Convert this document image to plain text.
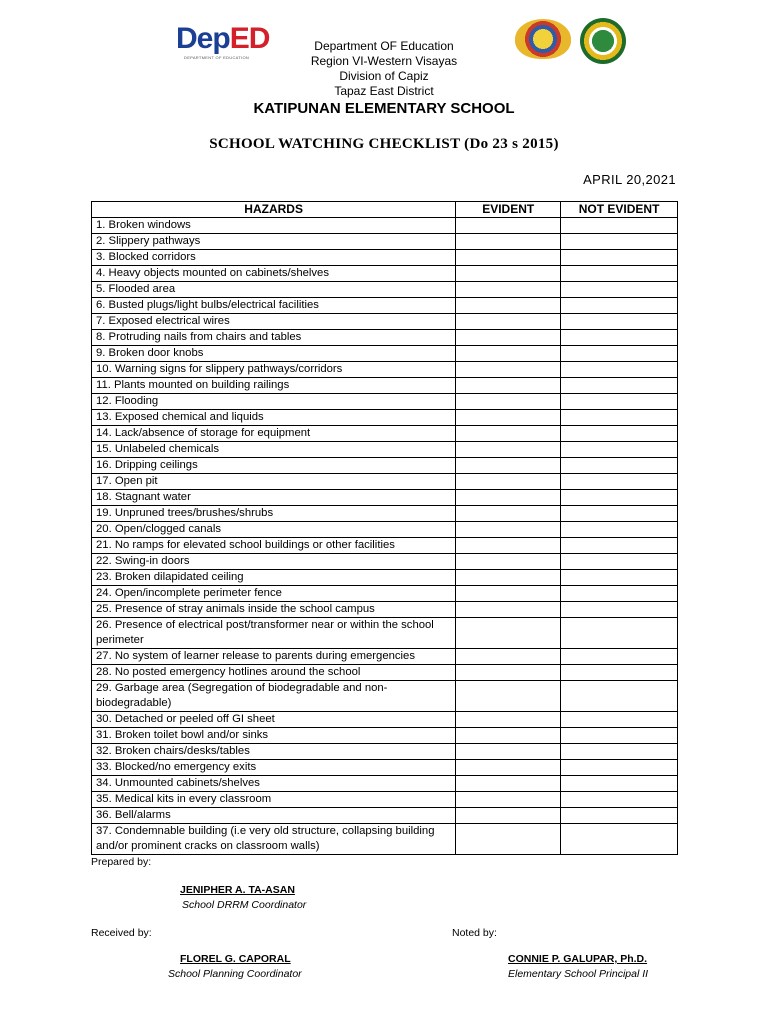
DepED
DEPARTMENT OF EDUCATION
Department OF Education
Region VI-Western Visayas
Division of Capiz
Tapaz East District
KATIPUNAN ELEMENTARY SCHOOL
SCHOOL WATCHING CHECKLIST (Do 23 s 2015)
APRIL 20,2021
HAZARDS	EVIDENT	NOT EVIDENT
1. Broken windows		
2. Slippery pathways		
3. Blocked corridors		
4. Heavy objects mounted on cabinets/shelves		
5. Flooded area		
6. Busted plugs/light bulbs/electrical facilities		
7. Exposed electrical wires		
8. Protruding nails from chairs and tables		
9. Broken door knobs		
10. Warning signs for slippery pathways/corridors		
11. Plants mounted on building railings		
12. Flooding		
13. Exposed chemical and liquids		
14. Lack/absence of storage for equipment		
15. Unlabeled chemicals		
16. Dripping ceilings		
17. Open pit		
18. Stagnant water		
19. Unpruned trees/brushes/shrubs		
20. Open/clogged canals		
21. No ramps for elevated school buildings or other facilities		
22. Swing-in doors		
23. Broken dilapidated ceiling		
24. Open/incomplete perimeter fence		
25. Presence of stray animals inside the school campus		
26. Presence of electrical post/transformer near or within the school perimeter		
27. No system of learner release to parents during emergencies		
28. No posted emergency hotlines around the school		
29. Garbage area (Segregation of biodegradable and non-biodegradable)		
30. Detached or peeled off GI sheet		
31. Broken toilet bowl and/or sinks		
32. Broken chairs/desks/tables		
33. Blocked/no emergency exits		
34. Unmounted cabinets/shelves		
35. Medical kits in every classroom		
36. Bell/alarms		
37. Condemnable building (i.e very old structure, collapsing building and/or prominent cracks on classroom walls)		
Prepared by:
JENIPHER A. TA-ASAN
School DRRM Coordinator
Received by:
FLOREL G. CAPORAL
School Planning Coordinator
Noted by:
CONNIE P. GALUPAR, Ph.D.
Elementary School Principal II
